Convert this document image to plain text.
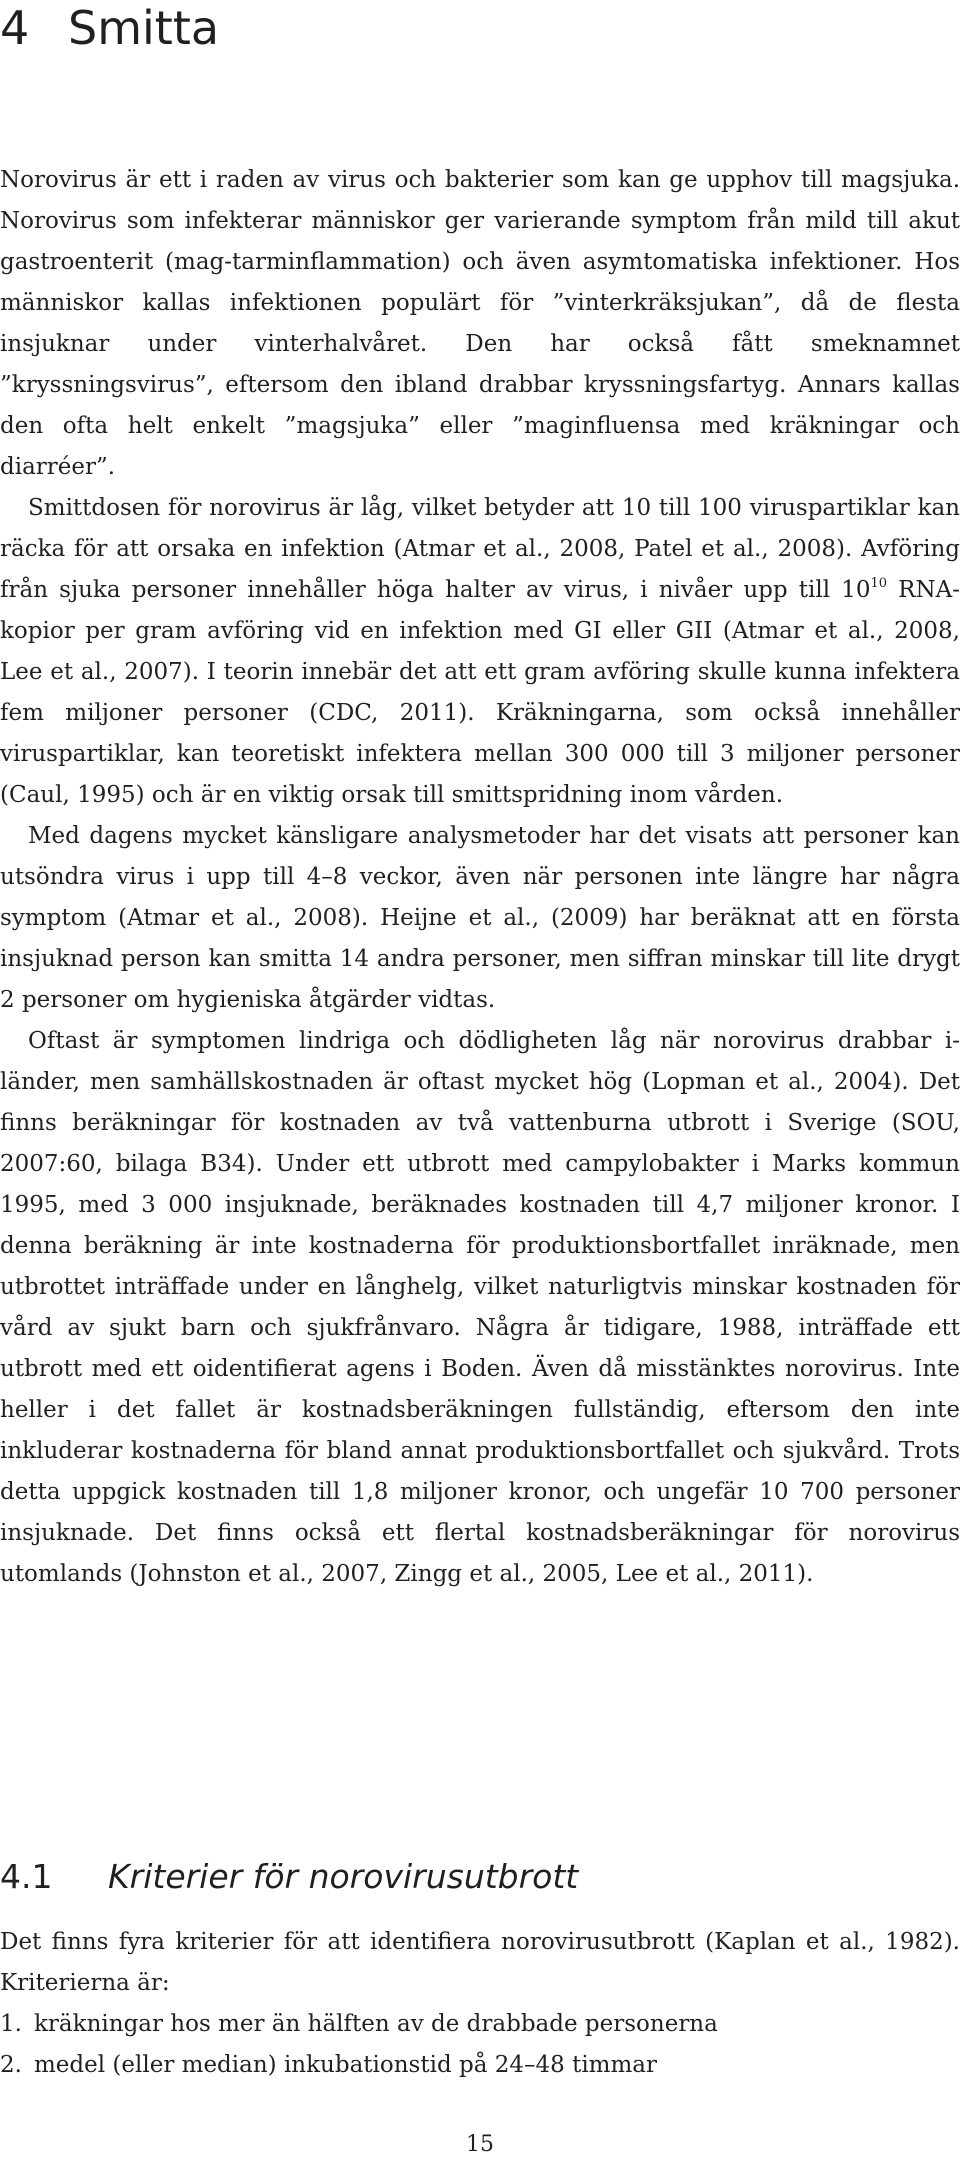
4 Smitta

Norovirus är ett i raden av virus och bakterier som kan ge upphov till magsjuka. Norovirus som infekterar människor ger varierande symptom från mild till akut gastroenterit (mag-tarminflammation) och även asymtomatiska infektioner. Hos människor kallas infektionen populärt för ”vinterkräksjukan”, då de flesta insjuknar under vinterhalvåret. Den har också fått smeknamnet ”kryssningsvirus”, eftersom den ibland drabbar kryssningsfartyg. Annars kallas den ofta helt enkelt ”magsjuka” eller ”maginfluensa med kräkningar och diarréer”.

Smittdosen för norovirus är låg, vilket betyder att 10 till 100 viruspartiklar kan räcka för att orsaka en infektion (Atmar et al., 2008, Patel et al., 2008). Avföring från sjuka personer innehåller höga halter av virus, i nivåer upp till $10^{10}$ RNA-kopior per gram avföring vid en infektion med GI eller GII (Atmar et al., 2008, Lee et al., 2007). I teorin innebär det att ett gram avföring skulle kunna infektera fem miljoner personer (CDC, 2011). Kräkningarna, som också innehåller viruspartiklar, kan teoretiskt infektera mellan 300 000 till 3 miljoner personer (Caul, 1995) och är en viktig orsak till smittspridning inom vården.

Med dagens mycket känsligare analysmetoder har det visats att personer kan utsöndra virus i upp till 4–8 veckor, även när personen inte längre har några symptom (Atmar et al., 2008). Heijne et al., (2009) har beräknat att en första insjuknad person kan smitta 14 andra personer, men siffran minskar till lite drygt 2 personer om hygieniska åtgärder vidtas.

Oftast är symptomen lindriga och dödligheten låg när norovirus drabbar i-länder, men samhällskostnaden är oftast mycket hög (Lopman et al., 2004). Det finns beräkningar för kostnaden av två vattenburna utbrott i Sverige (SOU, 2007:60, bilaga B34). Under ett utbrott med campylobakter i Marks kommun 1995, med 3 000 insjuknade, beräknades kostnaden till 4,7 miljoner kronor. I denna beräkning är inte kostnaderna för produktionsbortfallet inräknade, men utbrottet inträffade under en långhelg, vilket naturligtvis minskar kostnaden för vård av sjukt barn och sjukfrånvaro. Några år tidigare, 1988, inträffade ett utbrott med ett oidentifierat agens i Boden. Även då misstänktes norovirus. Inte heller i det fallet är kostnadsberäkningen fullständig, eftersom den inte inkluderar kostnaderna för bland annat produktionsbortfallet och sjukvård. Trots detta uppgick kostnaden till 1,8 miljoner kronor, och ungefär 10 700 personer insjuknade. Det finns också ett flertal kostnadsberäkningar för norovirus utomlands (Johnston et al., 2007, Zingg et al., 2005, Lee et al., 2011).

4.1 Kriterier för norovirusutbrott

Det finns fyra kriterier för att identifiera norovirusutbrott (Kaplan et al., 1982). Kriterierna är:

1. kräkningar hos mer än hälften av de drabbade personerna
2. medel (eller median) inkubationstid på 24–48 timmar
15
